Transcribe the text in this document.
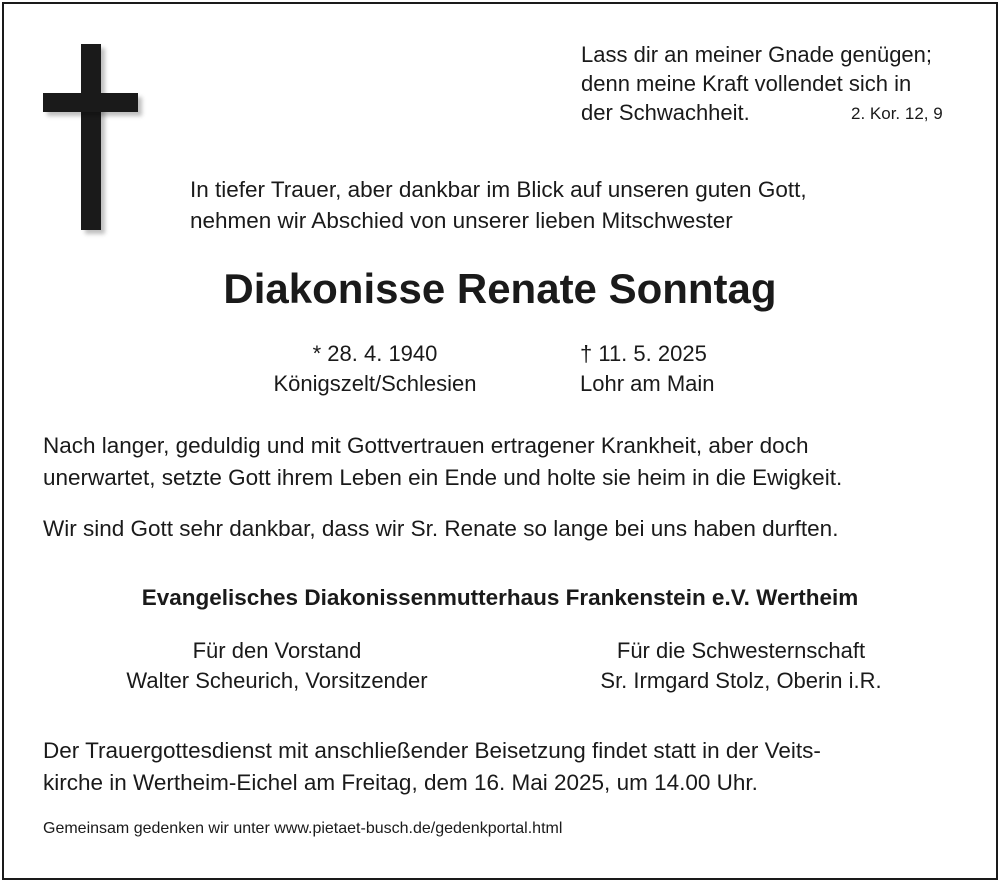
Lass dir an meiner Gnade genügen;
denn meine Kraft vollendet sich in
der Schwachheit.	2. Kor. 12, 9
In tiefer Trauer, aber dankbar im Blick auf unseren guten Gott,
nehmen wir Abschied von unserer lieben Mitschwester
Diakonisse Renate Sonntag
* 28. 4. 1940
Königszelt/Schlesien
† 11. 5. 2025
Lohr am Main
Nach langer, geduldig und mit Gottvertrauen ertragener Krankheit, aber doch
unerwartet, setzte Gott ihrem Leben ein Ende und holte sie heim in die Ewigkeit.
Wir sind Gott sehr dankbar, dass wir Sr. Renate so lange bei uns haben durften.
Evangelisches Diakonissenmutterhaus Frankenstein e.V. Wertheim
Für den Vorstand
Walter Scheurich, Vorsitzender
Für die Schwesternschaft
Sr. Irmgard Stolz, Oberin i.R.
Der Trauergottesdienst mit anschließender Beisetzung findet statt in der Veits-
kirche in Wertheim-Eichel am Freitag, dem 16. Mai 2025, um 14.00 Uhr.
Gemeinsam gedenken wir unter www.pietaet-busch.de/gedenkportal.html
